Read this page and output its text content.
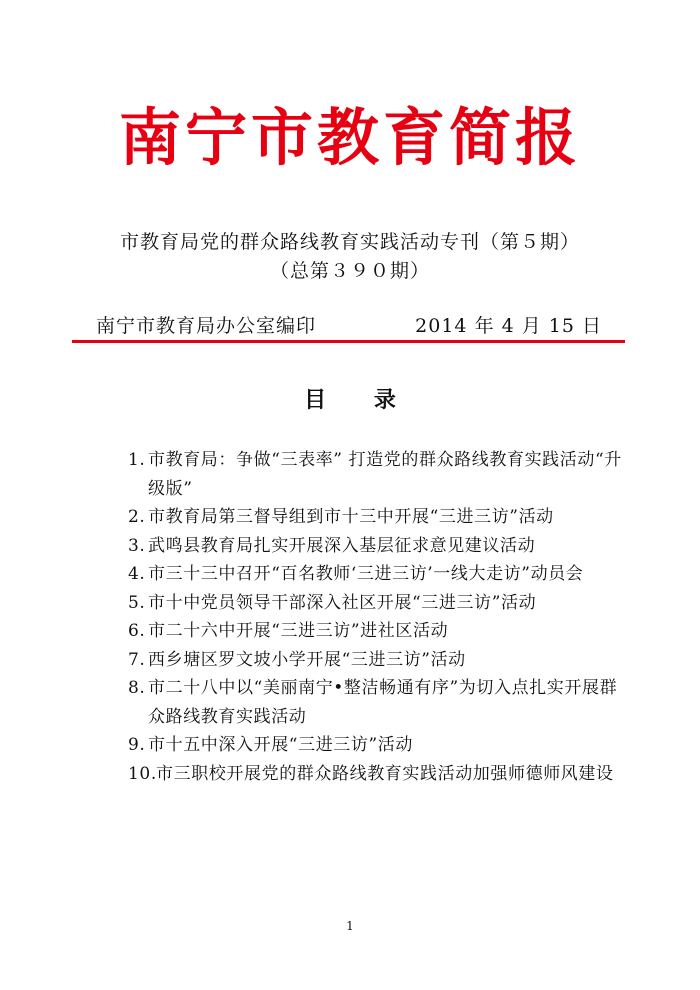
南宁市教育简报
市教育局党的群众路线教育实践活动专刊（第５期）
（总第３９０期）
南宁市教育局办公室编印	2014 年 4 月 15 日
目 录
1. 市教育局：争做“三表率” 打造党的群众路线教育实践活动“升级版”
2. 市教育局第三督导组到市十三中开展“三进三访”活动
3. 武鸣县教育局扎实开展深入基层征求意见建议活动
4. 市三十三中召开“百名教师‘三进三访’一线大走访”动员会
5. 市十中党员领导干部深入社区开展“三进三访”活动
6. 市二十六中开展“三进三访”进社区活动
7. 西乡塘区罗文坡小学开展“三进三访”活动
8. 市二十八中以“美丽南宁•整洁畅通有序”为切入点扎实开展群众路线教育实践活动
9. 市十五中深入开展“三进三访”活动
10. 市三职校开展党的群众路线教育实践活动加强师德师风建设
1
